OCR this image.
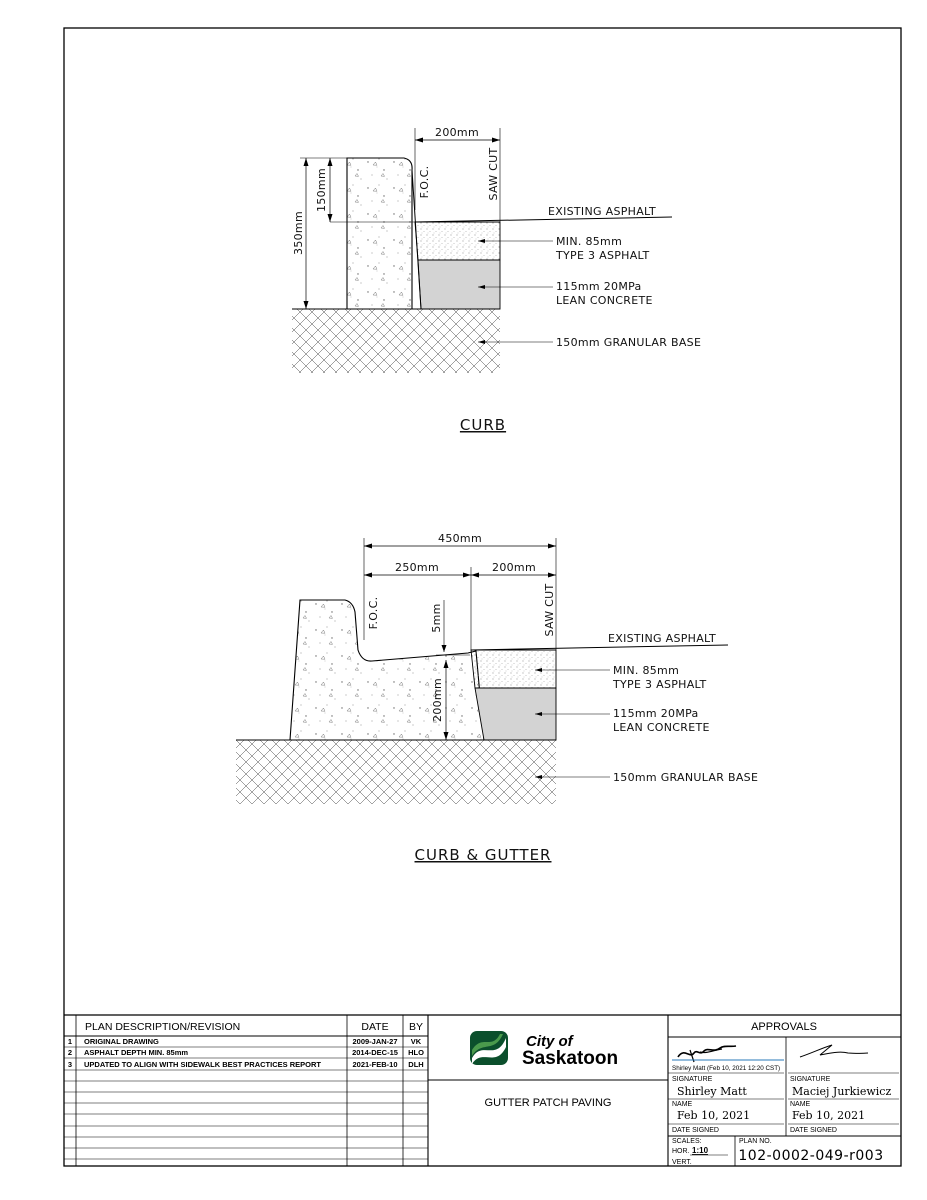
200mm
350mm
150mm	F.O.C.	SAW CUT
EXISTING ASPHALT
MIN. 85mm
TYPE 3 ASPHALT
115mm 20MPa
LEAN CONCRETE
150mm GRANULAR BASE
CURB
450mm
250mm	200mm
5mm
200mm
F.O.C.	SAW CUT
EXISTING ASPHALT
MIN. 85mm
TYPE 3 ASPHALT
115mm 20MPa
LEAN CONCRETE
150mm GRANULAR BASE
CURB & GUTTER
PLAN DESCRIPTION/REVISION	DATE BY
1 ORIGINAL DRAWING	2009-JAN-27 VK
2 ASPHALT DEPTH MIN. 85mm	2014-DEC-15 HLO
3 UPDATED TO ALIGN WITH SIDEWALK BEST PRACTICES REPORT	2021-FEB-10 DLH
City of
Saskatoon
GUTTER PATCH PAVING
APPROVALS
Shirley Matt (Feb 10, 2021 12:20 CST)
SIGNATURE	SIGNATURE
Shirley Matt	Maciej Jurkiewicz
NAME	NAME
Feb 10, 2021	Feb 10, 2021
DATE SIGNED	DATE SIGNED
SCALES:
HOR. 1:10
VERT.
PLAN NO.
102-0002-049-r003
